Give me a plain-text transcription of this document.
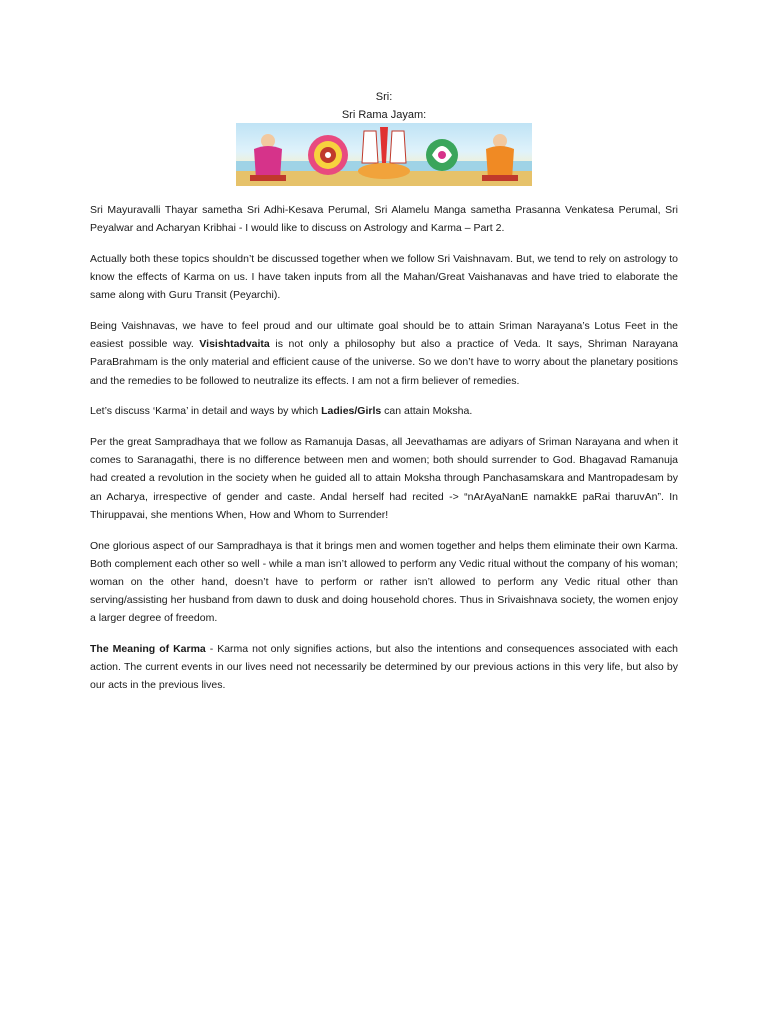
Sri:
Sri Rama Jayam:

Sri Mayuravalli Thayar sametha Sri Adhi-Kesava Perumal, Sri Alamelu Manga sametha Prasanna Venkatesa Perumal, Sri Peyalwar and Acharyan Kribhai - I would like to discuss on Astrology and Karma – Part 2.

Actually both these topics shouldn’t be discussed together when we follow Sri Vaishnavam. But, we tend to rely on astrology to know the effects of Karma on us. I have taken inputs from all the Mahan/Great Vaishanavas and have tried to elaborate the same along with Guru Transit (Peyarchi).

Being Vaishnavas, we have to feel proud and our ultimate goal should be to attain Sriman Narayana’s Lotus Feet in the easiest possible way. Visishtadvaita is not only a philosophy but also a practice of Veda. It says, Shriman Narayana ParaBrahmam is the only material and efficient cause of the universe. So we don’t have to worry about the planetary positions and the remedies to be followed to neutralize its effects. I am not a firm believer of remedies.

Let’s discuss ‘Karma’ in detail and ways by which Ladies/Girls can attain Moksha.

Per the great Sampradhaya that we follow as Ramanuja Dasas, all Jeevathamas are adiyars of Sriman Narayana and when it comes to Saranagathi, there is no difference between men and women; both should surrender to God. Bhagavad Ramanuja had created a revolution in the society when he guided all to attain Moksha through Panchasamskara and Mantropadesam by an Acharya, irrespective of gender and caste. Andal herself had recited -> “nArAyaNanE namakkE paRai tharuvAn”. In Thiruppavai, she mentions When, How and Whom to Surrender!

One glorious aspect of our Sampradhaya is that it brings men and women together and helps them eliminate their own Karma. Both complement each other so well - while a man isn’t allowed to perform any Vedic ritual without the company of his woman; woman on the other hand, doesn’t have to perform or rather isn’t allowed to perform any Vedic ritual other than serving/assisting her husband from dawn to dusk and doing household chores. Thus in Srivaishnava society, the women enjoy a larger degree of freedom.

The Meaning of Karma - Karma not only signifies actions, but also the intentions and consequences associated with each action. The current events in our lives need not necessarily be determined by our previous actions in this very life, but also by our acts in the previous lives.
